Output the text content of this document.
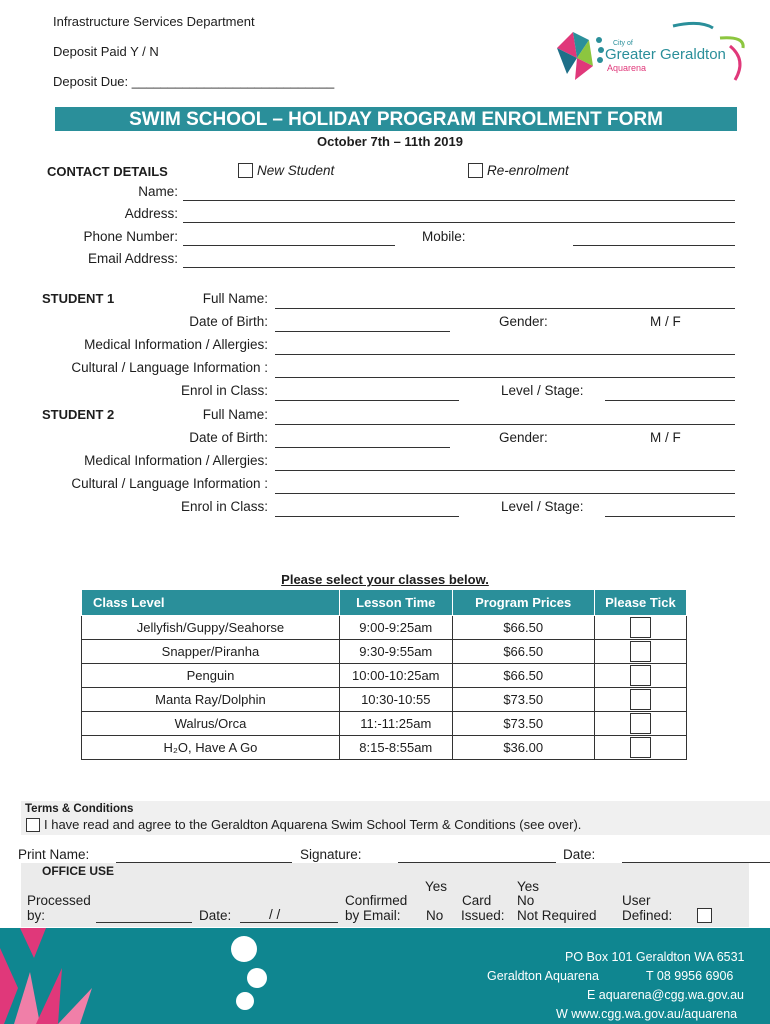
Infrastructure Services Department
Deposit Paid Y / N
Deposit Due: ____________________________
City of
Greater Geraldton
Aquarena
SWIM SCHOOL – HOLIDAY PROGRAM ENROLMENT FORM
October 7th – 11th 2019
CONTACT DETAILS	New Student	Re-enrolment
Name:
Address:
Phone Number:	Mobile:
Email Address:
STUDENT 1	Full Name:
Date of Birth:	Gender:	M / F
Medical Information / Allergies:
Cultural / Language Information :
Enrol in Class:	Level / Stage:
STUDENT 2	Full Name:
Date of Birth:	Gender:	M / F
Medical Information / Allergies:
Cultural / Language Information :
Enrol in Class:	Level / Stage:
Please select your classes below.
Class Level	Lesson Time	Program Prices	Please Tick
Jellyfish/Guppy/Seahorse	9:00-9:25am	$66.50	
Snapper/Piranha	9:30-9:55am	$66.50	
Penguin	10:00-10:25am	$66.50	
Manta Ray/Dolphin	10:30-10:55	$73.50	
Walrus/Orca	11:-11:25am	$73.50	
H₂O, Have A Go	8:15-8:55am	$36.00	
Terms & Conditions
I have read and agree to the Geraldton Aquarena Swim School Term & Conditions (see over).
Print Name:	Signature:	Date:
OFFICE USE
Processed
by:	Date:	/ /
Confirmed
by Email:
Yes
No
Card
Issued:
Yes
No
Not Required
User
Defined:
PO Box 101 Geraldton WA 6531
Geraldton Aquarena	T 08 9956 6906
E aquarena@cgg.wa.gov.au
W www.cgg.wa.gov.au/aquarena
